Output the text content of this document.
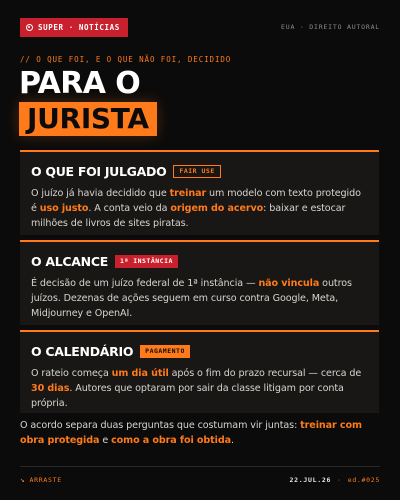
SUPER · NOTÍCIAS	EUA · DIREITO AUTORAL
// O QUE FOI, E O QUE NÃO FOI, DECIDIDO
PARA O
JURISTA
O QUE FOI JULGADO	FAIR USE
O juízo já havia decidido que treinar um modelo com texto protegido é uso justo. A conta veio da origem do acervo: baixar e estocar milhões de livros de sites piratas.
O ALCANCE	1ª INSTÂNCIA
É decisão de um juízo federal de 1ª instância — não vincula outros juízos. Dezenas de ações seguem em curso contra Google, Meta, Midjourney e OpenAI.
O CALENDÁRIO	PAGAMENTO
O rateio começa um dia útil após o fim do prazo recursal — cerca de 30 dias. Autores que optaram por sair da classe litigam por conta própria.
O acordo separa duas perguntas que costumam vir juntas: treinar com obra protegida e como a obra foi obtida.
↘ ARRASTE	22.JUL.26 · ed.#025
